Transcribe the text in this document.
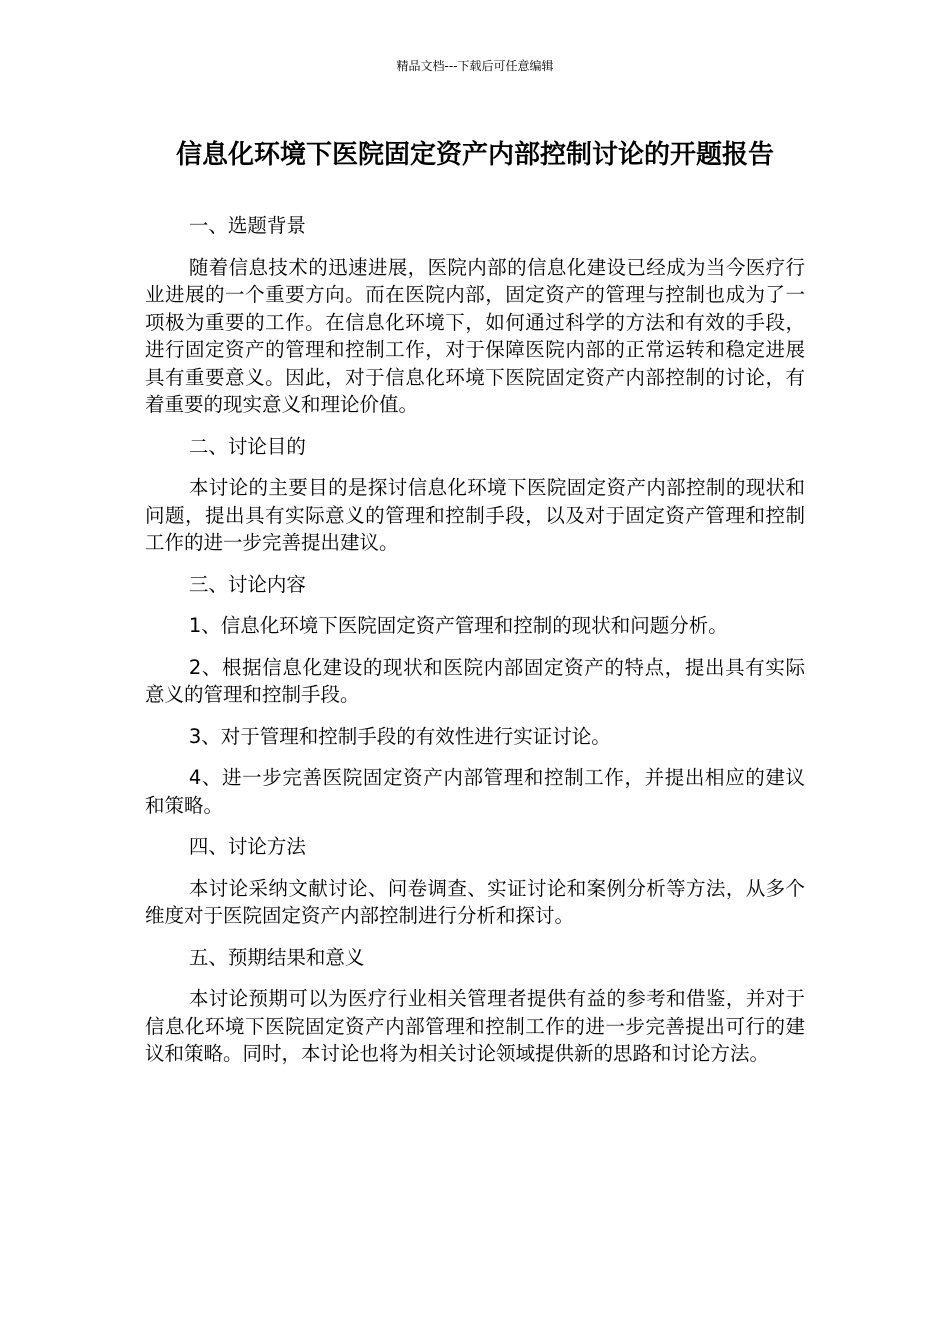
精品文档---下载后可任意编辑
信息化环境下医院固定资产内部控制讨论的开题报告

一、选题背景

随着信息技术的迅速进展，医院内部的信息化建设已经成为当今医疗行业进展的一个重要方向。而在医院内部，固定资产的管理与控制也成为了一项极为重要的工作。在信息化环境下，如何通过科学的方法和有效的手段，进行固定资产的管理和控制工作，对于保障医院内部的正常运转和稳定进展具有重要意义。因此，对于信息化环境下医院固定资产内部控制的讨论，有着重要的现实意义和理论价值。

二、讨论目的

本讨论的主要目的是探讨信息化环境下医院固定资产内部控制的现状和问题，提出具有实际意义的管理和控制手段，以及对于固定资产管理和控制工作的进一步完善提出建议。

三、讨论内容

1、信息化环境下医院固定资产管理和控制的现状和问题分析。

2、根据信息化建设的现状和医院内部固定资产的特点，提出具有实际意义的管理和控制手段。

3、对于管理和控制手段的有效性进行实证讨论。

4、进一步完善医院固定资产内部管理和控制工作，并提出相应的建议和策略。

四、讨论方法

本讨论采纳文献讨论、问卷调查、实证讨论和案例分析等方法，从多个维度对于医院固定资产内部控制进行分析和探讨。

五、预期结果和意义

本讨论预期可以为医疗行业相关管理者提供有益的参考和借鉴，并对于信息化环境下医院固定资产内部管理和控制工作的进一步完善提出可行的建议和策略。同时，本讨论也将为相关讨论领域提供新的思路和讨论方法。
